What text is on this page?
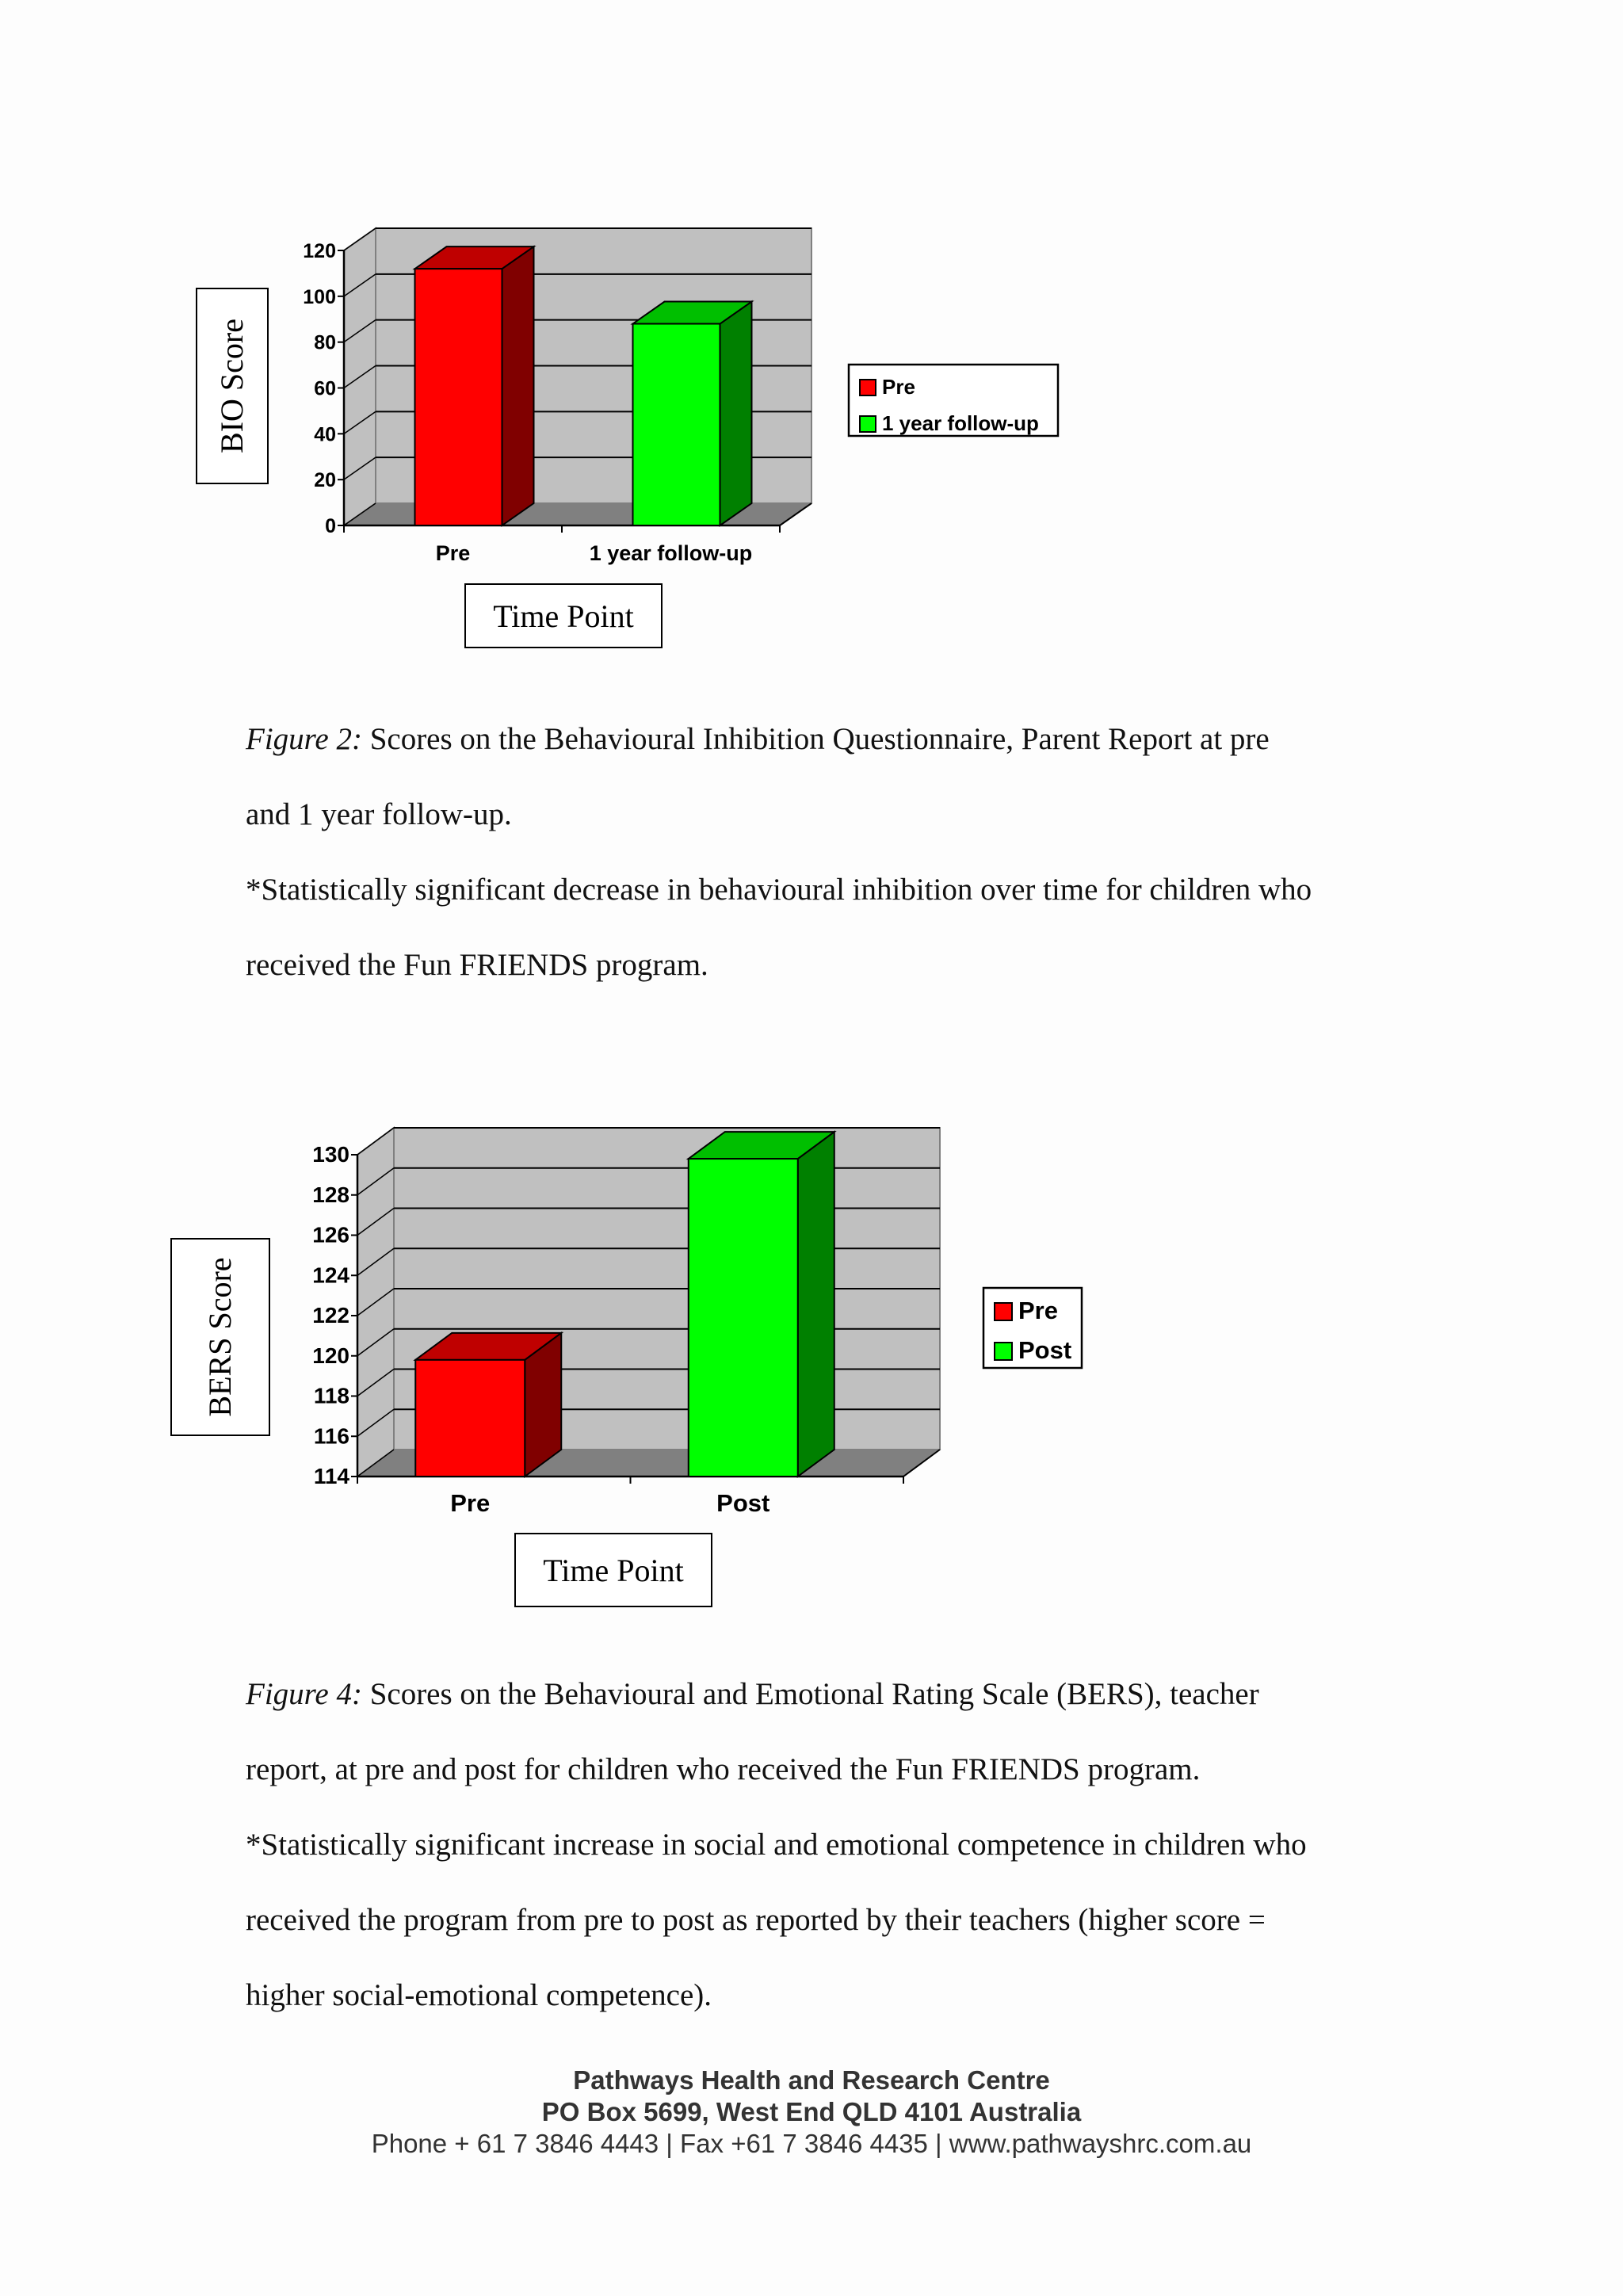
0
20
40
60
80
100
120
Pre	1 year follow-up
BIO Score
Time Point
Pre
1 year follow-up
114
116
118
120
122
124
126
128
130
Pre	Post
BERS Score
Time Point
Pre
Post

Figure 2: Scores on the Behavioural Inhibition Questionnaire, Parent Report at pre

and 1 year follow-up.

*Statistically significant decrease in behavioural inhibition over time for children who

received the Fun FRIENDS program.

Figure 4: Scores on the Behavioural and Emotional Rating Scale (BERS), teacher

report, at pre and post for children who received the Fun FRIENDS program.

*Statistically significant increase in social and emotional competence in children who

received the program from pre to post as reported by their teachers (higher score =

higher social-emotional competence).

Pathways Health and Research Centre
PO Box 5699, West End QLD 4101 Australia
Phone + 61 7 3846 4443 | Fax +61 7 3846 4435 | www.pathwayshrc.com.au
